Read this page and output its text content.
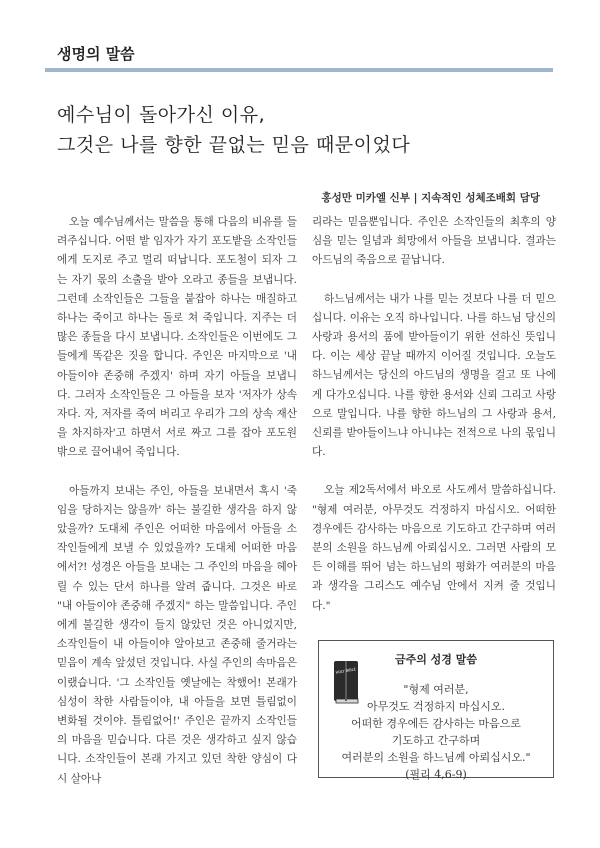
생명의 말씀
예수님이 돌아가신 이유,
그것은 나를 향한 끝없는 믿음 때문이었다
홍성만 미카엘 신부 | 지속적인 성체조배회 담당

오늘 예수님께서는 말씀을 통해 다음의 비유를 들려주십니다. 어떤 밭 임자가 자기 포도밭을 소작인들에게 도지로 주고 멀리 떠납니다. 포도철이 되자 그는 자기 몫의 소출을 받아 오라고 종들을 보냅니다. 그런데 소작인들은 그들을 붙잡아 하나는 매질하고 하나는 죽이고 하나는 돌로 쳐 죽입니다. 지주는 더 많은 종들을 다시 보냅니다. 소작인들은 이번에도 그들에게 똑같은 짓을 합니다. 주인은 마지막으로 '내 아들이야 존중해 주겠지' 하며 자기 아들을 보냅니다. 그러자 소작인들은 그 아들을 보자 '저자가 상속자다. 자, 저자를 죽여 버리고 우리가 그의 상속 재산을 차지하자'고 하면서 서로 짜고 그를 잡아 포도원 밖으로 끌어내어 죽입니다.

아들까지 보내는 주인, 아들을 보내면서 혹시 '죽임을 당하지는 않을까' 하는 불길한 생각을 하지 않았을까? 도대체 주인은 어떠한 마음에서 아들을 소작인들에게 보낼 수 있었을까? 도대체 어떠한 마음에서?! 성경은 아들을 보내는 그 주인의 마음을 헤아릴 수 있는 단서 하나를 알려 줍니다. 그것은 바로 "내 아들이야 존중해 주겠지" 하는 말씀입니다. 주인에게 불길한 생각이 들지 않았던 것은 아니었지만, 소작인들이 내 아들이야 알아보고 존중해 줄거라는 믿음이 계속 앞섰던 것입니다. 사실 주인의 속마음은 이랬습니다. '그 소작인들 옛날에는 착했어! 본래가 심성이 착한 사람들이야, 내 아들을 보면 틀림없이 변화될 것이야. 틀림없어!' 주인은 끝까지 소작인들의 마음을 믿습니다. 다른 것은 생각하고 싶지 않습니다. 소작인들이 본래 가지고 있던 착한 양심이 다시 살아나

리라는 믿음뿐입니다. 주인은 소작인들의 최후의 양심을 믿는 일념과 희망에서 아들을 보냅니다. 결과는 아드님의 죽음으로 끝납니다.

하느님께서는 내가 나를 믿는 것보다 나를 더 믿으십니다. 이유는 오직 하나입니다. 나를 하느님 당신의 사랑과 용서의 품에 받아들이기 위한 선하신 뜻입니다. 이는 세상 끝날 때까지 이어질 것입니다. 오늘도 하느님께서는 당신의 아드님의 생명을 걸고 또 나에게 다가오십니다. 나를 향한 용서와 신뢰 그리고 사랑으로 말입니다. 나를 향한 하느님의 그 사랑과 용서, 신뢰를 받아들이느냐 아니냐는 전적으로 나의 몫입니다.

오늘 제2독서에서 바오로 사도께서 말씀하십니다. "형제 여러분, 아무것도 걱정하지 마십시오. 어떠한 경우에든 감사하는 마음으로 기도하고 간구하며 여러분의 소원을 하느님께 아뢰십시오. 그러면 사람의 모든 이해를 뛰어 넘는 하느님의 평화가 여러분의 마음과 생각을 그리스도 예수님 안에서 지켜 줄 것입니다."

금주의 성경 말씀
HOLY BIBLE
"형제 여러분,
아무것도 걱정하지 마십시오.
어떠한 경우에든 감사하는 마음으로
기도하고 간구하며
여러분의 소원을 하느님께 아뢰십시오."
(필리 4,6-9)
